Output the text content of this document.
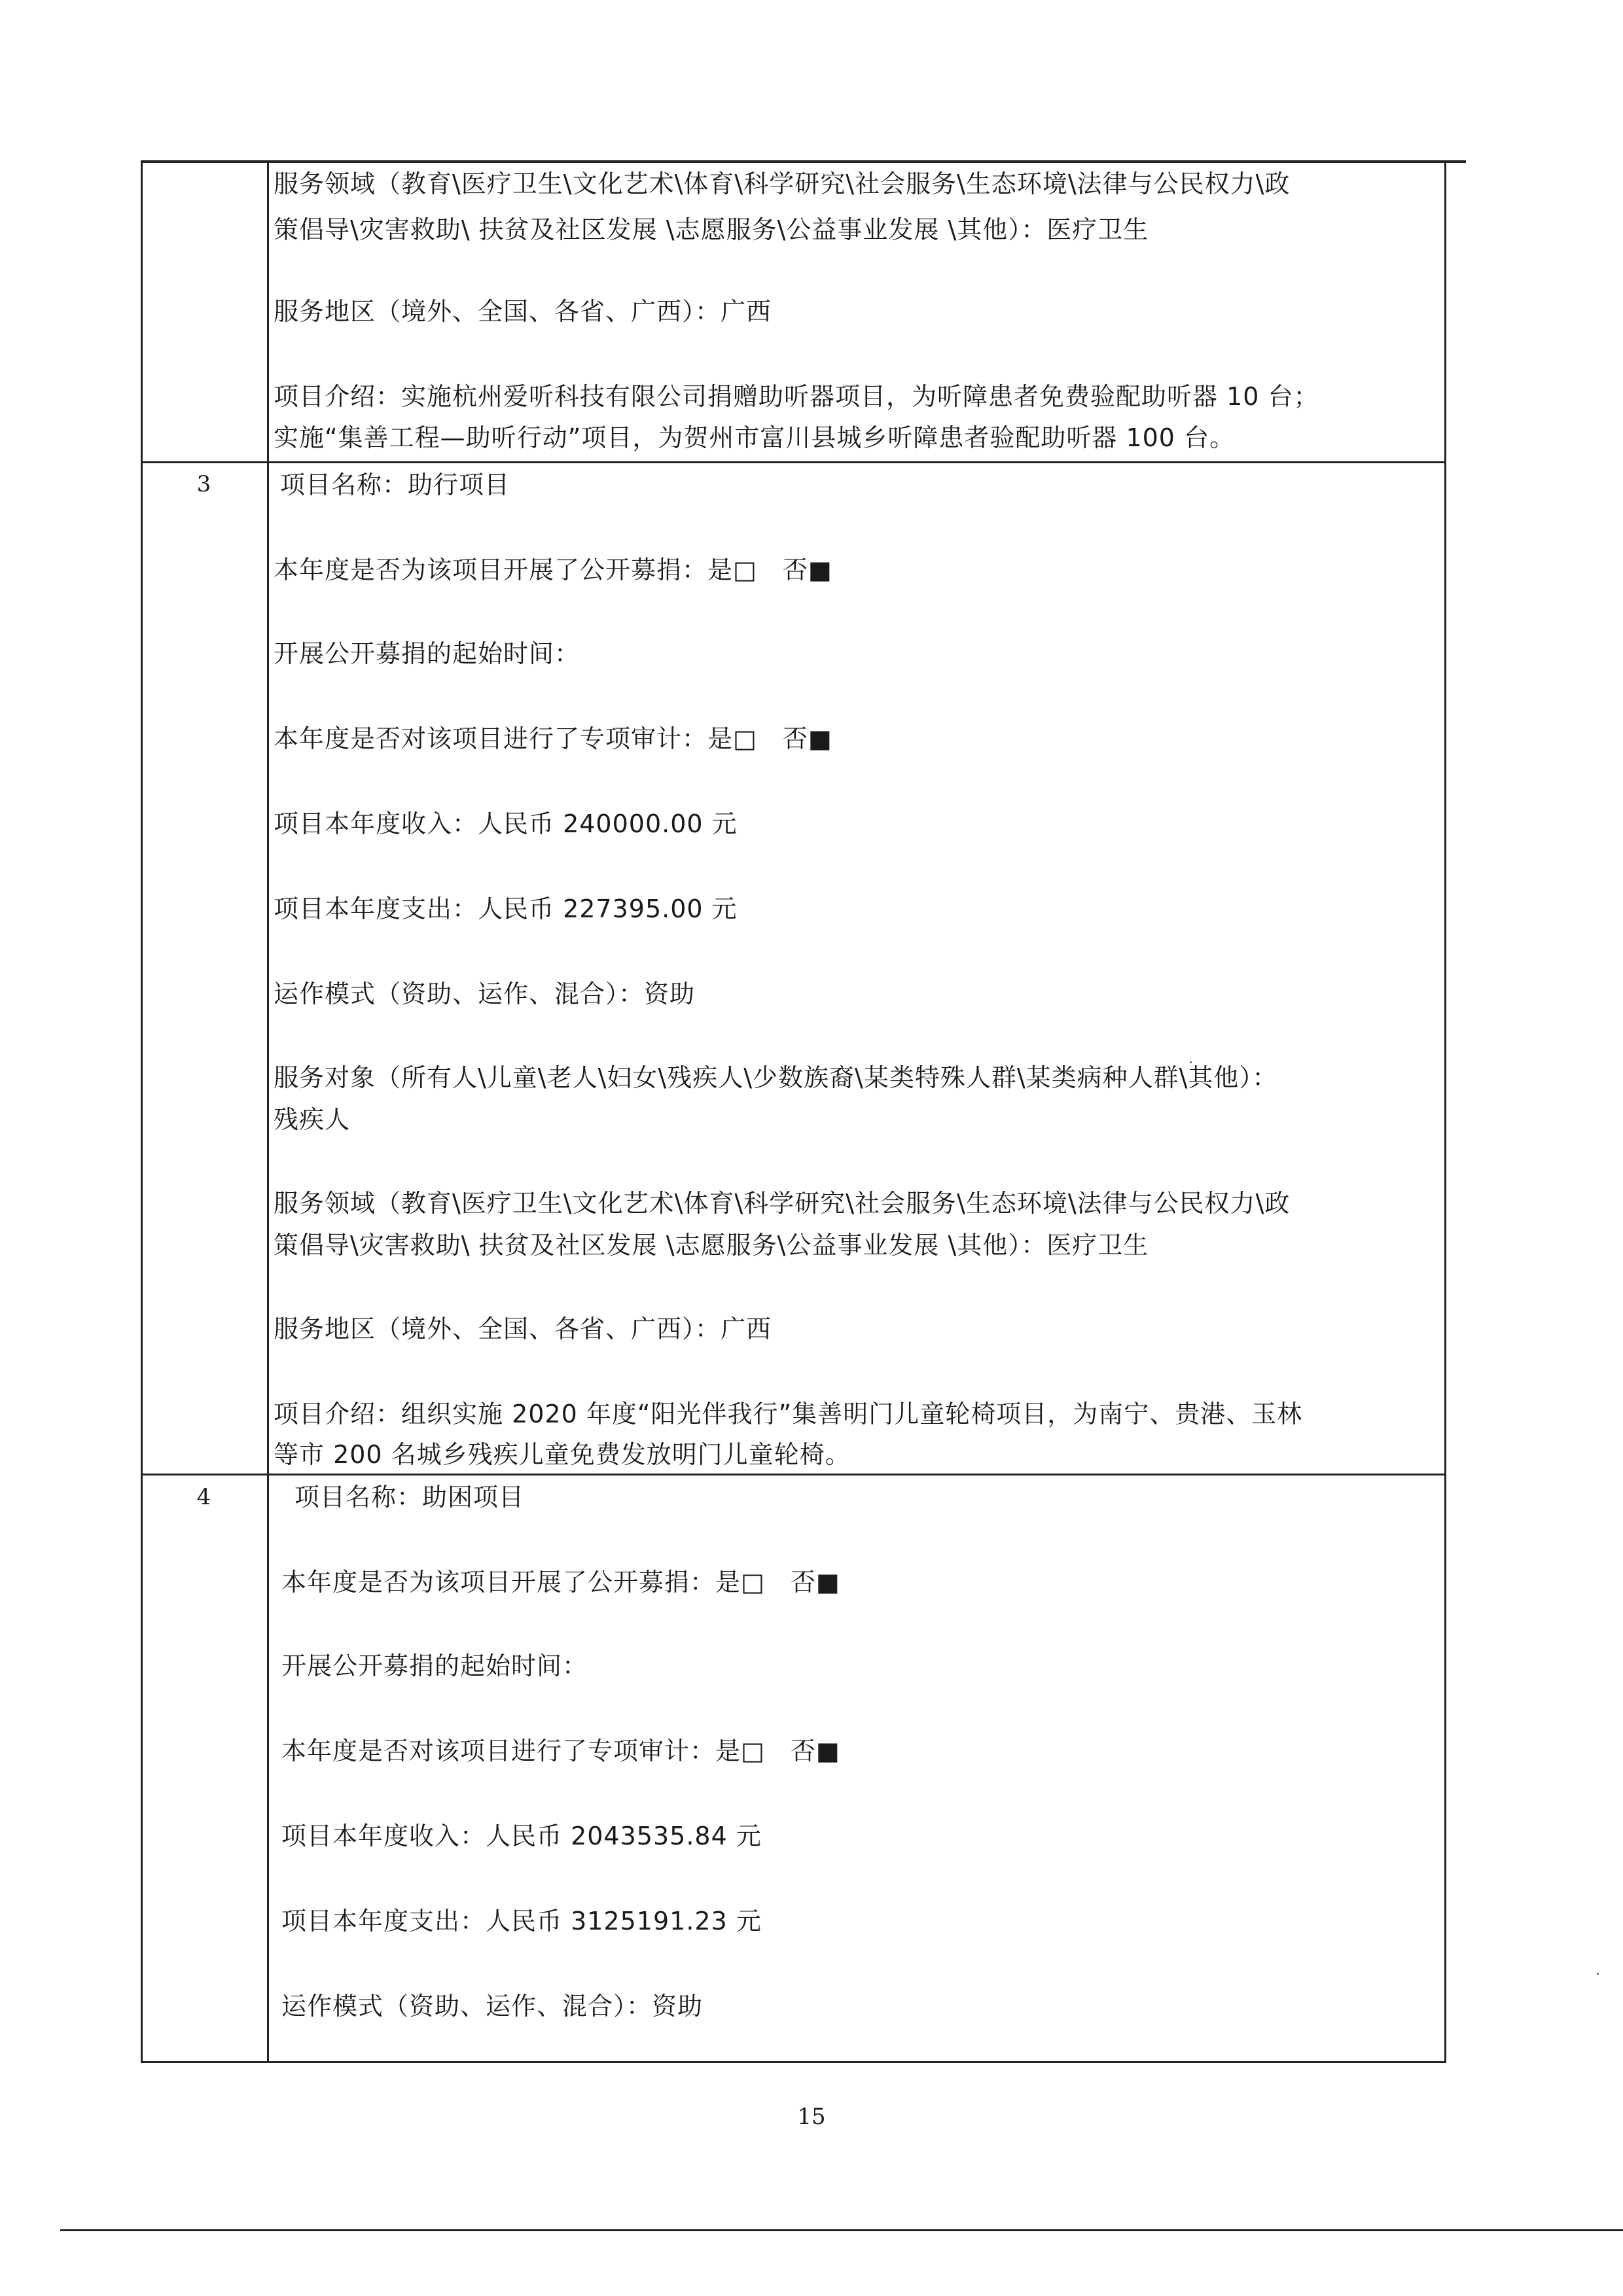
服务领域（教育\医疗卫生\文化艺术\体育\科学研究\社会服务\生态环境\法律与公民权力\政
策倡导\灾害救助\ 扶贫及社区发展 \志愿服务\公益事业发展 \其他）：医疗卫生
服务地区（境外、全国、各省、广西）：广西
项目介绍：实施杭州爱听科技有限公司捐赠助听器项目，为听障患者免费验配助听器 10 台；
实施“集善工程—助听行动”项目，为贺州市富川县城乡听障患者验配助听器 100 台。
3	项目名称：助行项目
本年度是否为该项目开展了公开募捐：是□　否■
开展公开募捐的起始时间：
本年度是否对该项目进行了专项审计：是□　否■
项目本年度收入：人民币 240000.00 元
项目本年度支出：人民币 227395.00 元
运作模式（资助、运作、混合）：资助
服务对象（所有人\儿童\老人\妇女\残疾人\少数族裔\某类特殊人群\某类病种人群\其他）：
残疾人
服务领域（教育\医疗卫生\文化艺术\体育\科学研究\社会服务\生态环境\法律与公民权力\政
策倡导\灾害救助\ 扶贫及社区发展 \志愿服务\公益事业发展 \其他）：医疗卫生
服务地区（境外、全国、各省、广西）：广西
项目介绍：组织实施 2020 年度“阳光伴我行”集善明门儿童轮椅项目，为南宁、贵港、玉林
等市 200 名城乡残疾儿童免费发放明门儿童轮椅。
4	项目名称：助困项目
本年度是否为该项目开展了公开募捐：是□　否■
开展公开募捐的起始时间：
本年度是否对该项目进行了专项审计：是□　否■
项目本年度收入：人民币 2043535.84 元
项目本年度支出：人民币 3125191.23 元
运作模式（资助、运作、混合）：资助
15
